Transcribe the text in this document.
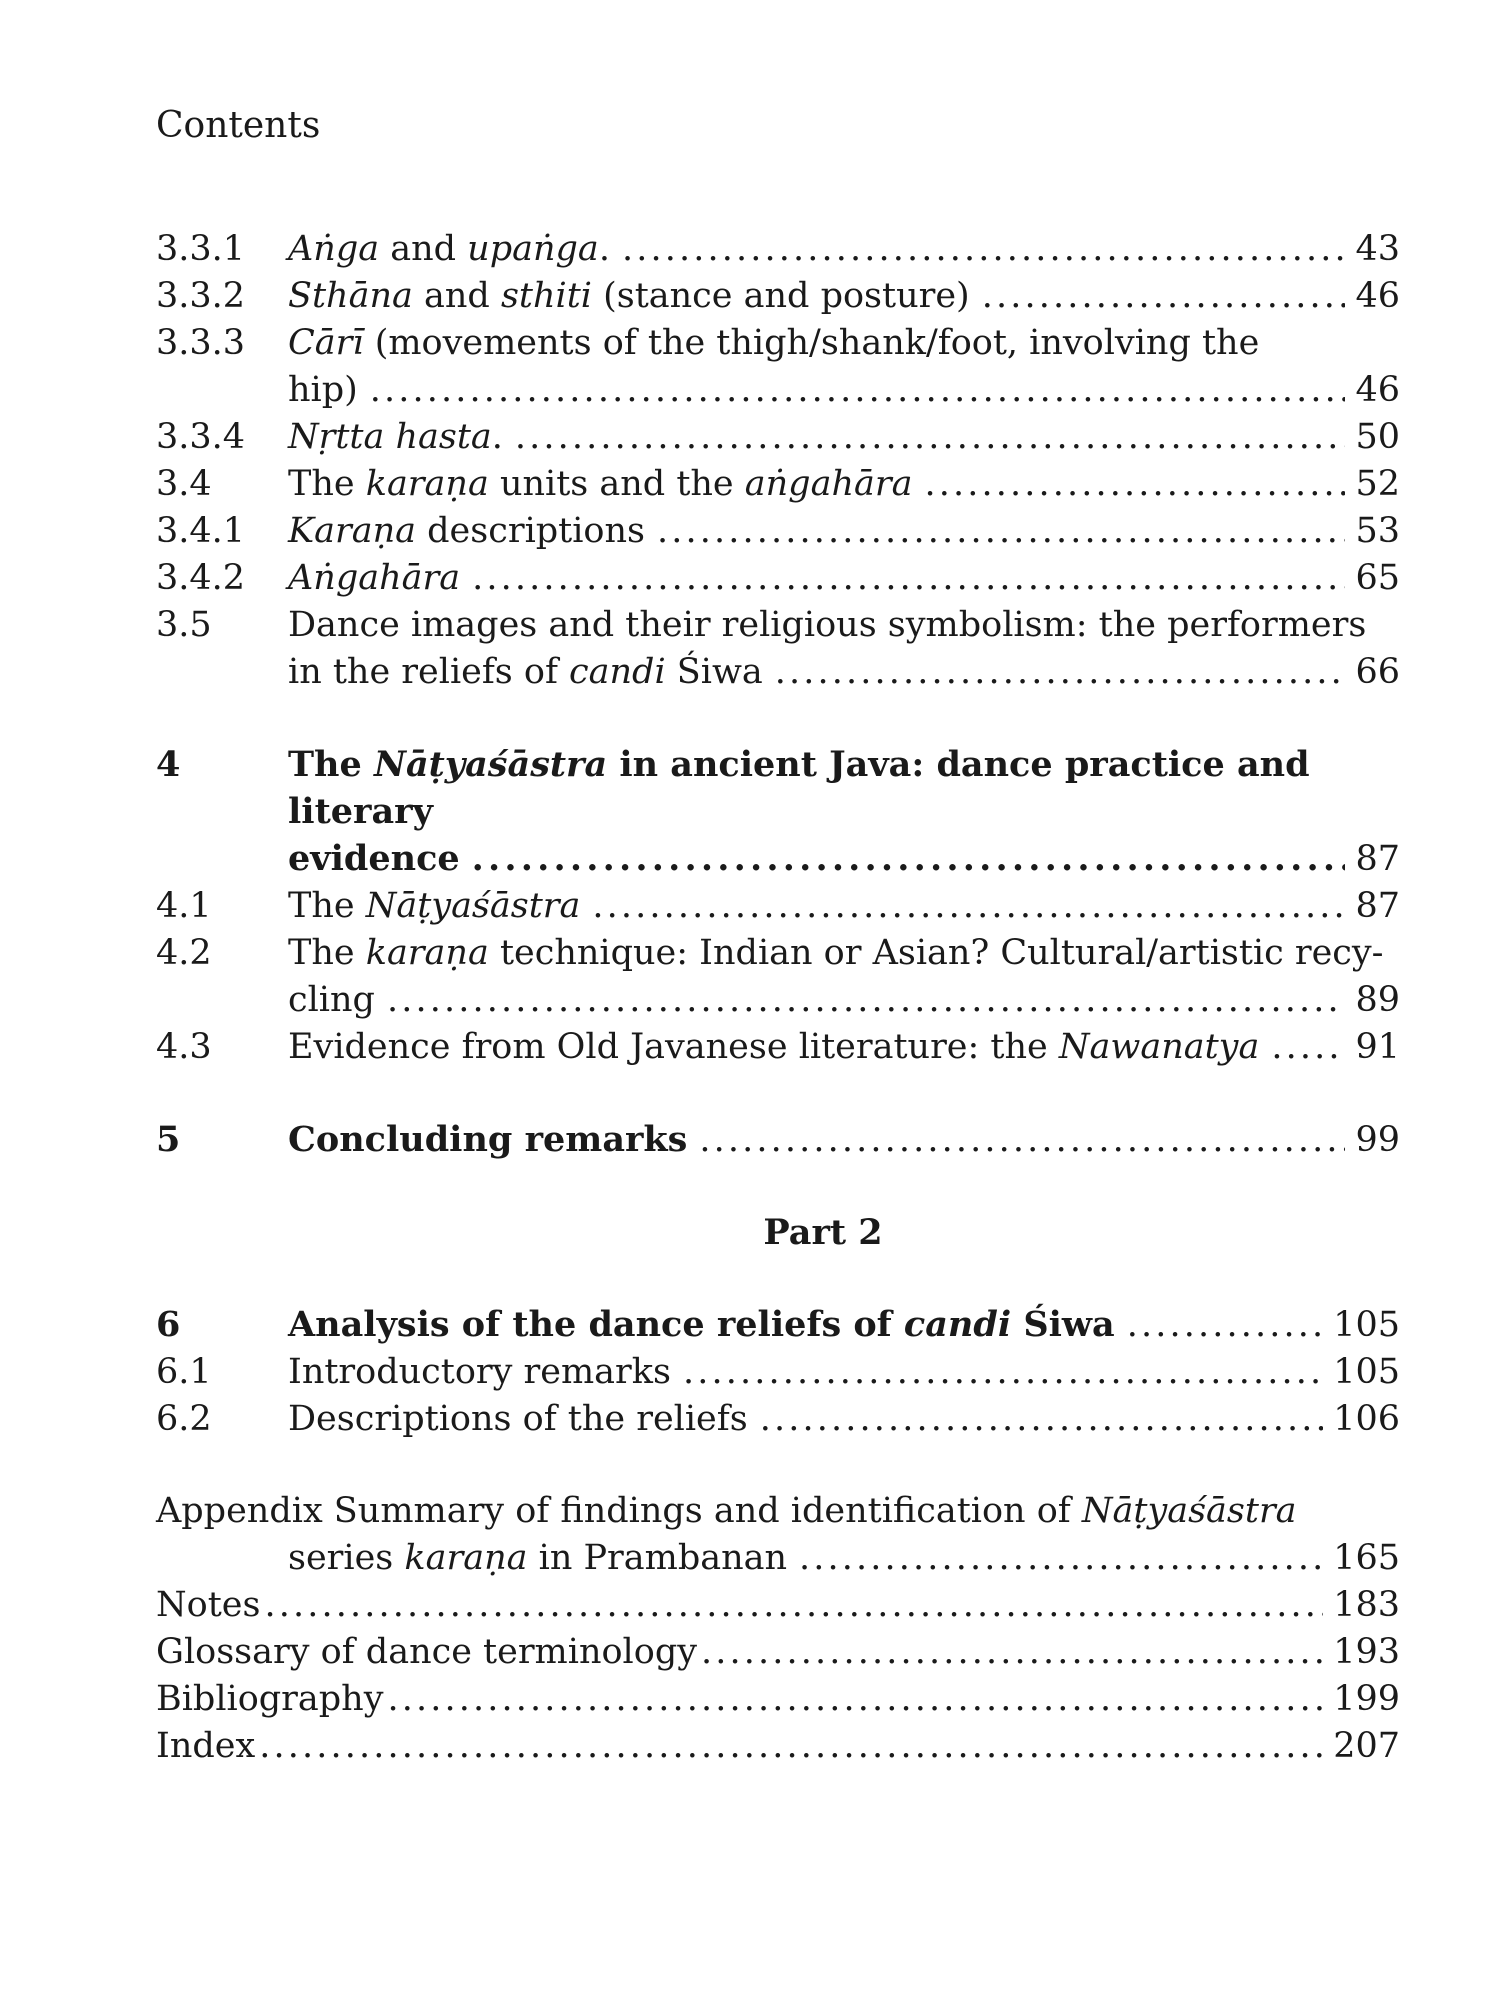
Contents
3.3.1 Aṅga and upaṅga. . . .	43
3.3.2 Sthāna and sthiti (stance and posture) . . .	46
3.3.3 Cārī (movements of the thigh/shank/foot, involving the
hip) . . .	46
3.3.4 Nṛtta hasta. . . .	50
3.4 The karaṇa units and the aṅgahāra . . .	52
3.4.1 Karaṇa descriptions . . .	53
3.4.2 Aṅgahāra . . .	65
3.5 Dance images and their religious symbolism: the performers
in the reliefs of candi Śiwa . . .	66
4	The Nāṭyaśāstra in ancient Java: dance practice and literary
evidence . . .	87
4.1 The Nāṭyaśāstra . . .	87
4.2 The karaṇa technique: Indian or Asian? Cultural/artistic recy-
cling . . .	89
4.3 Evidence from Old Javanese literature: the Nawanatya . . .	91
5	Concluding remarks . . .	99
Part 2
6	Analysis of the dance reliefs of candi Śiwa . . .	105
6.1 Introductory remarks . . .	105
6.2 Descriptions of the reliefs . . .	106
Appendix Summary of findings and identification of Nāṭyaśāstra
series karaṇa in Prambanan . . .	165
Notes . . .	183
Glossary of dance terminology . . .	193
Bibliography . . .	199
Index . . .	207
